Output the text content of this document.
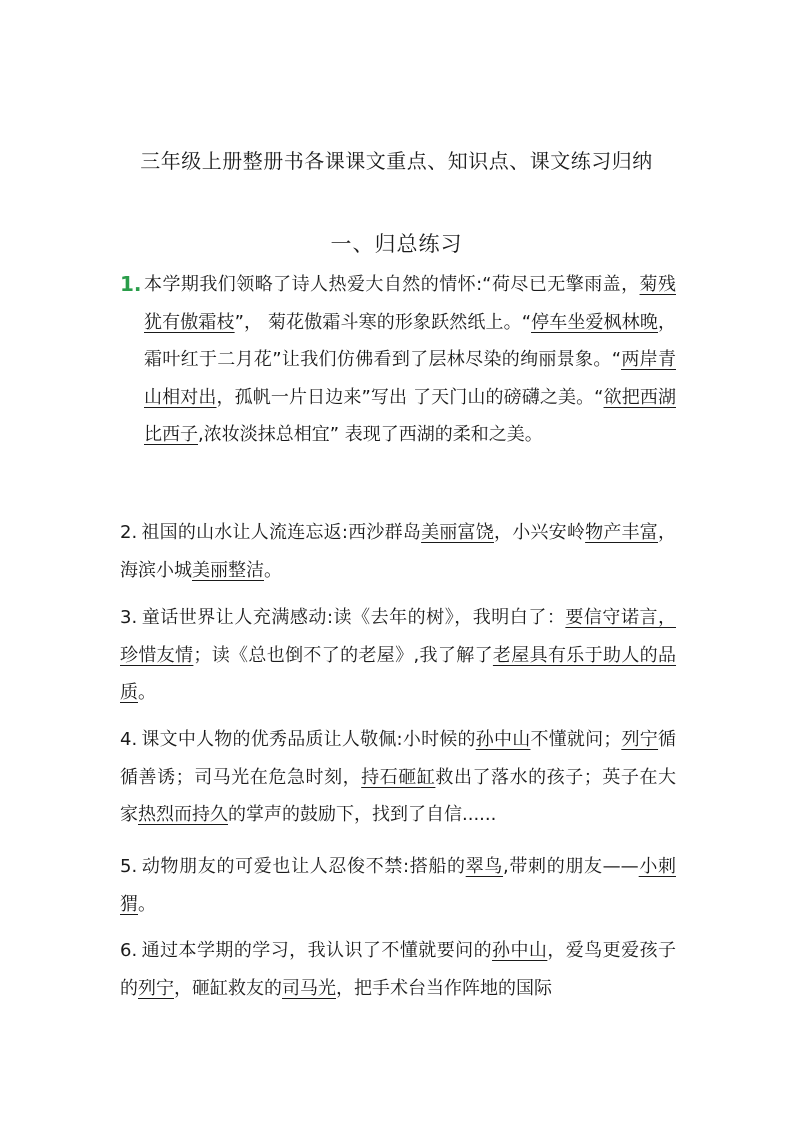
三年级上册整册书各课课文重点、知识点、课文练习归纳
一、归总练习
1. 本学期我们领略了诗人热爱大自然的情怀:“荷尽已无擎雨盖，菊残犹有傲霜枝”， 菊花傲霜斗寒的形象跃然纸上。“停车坐爱枫林晚，霜叶红于二月花”让我们仿佛看到了层林尽染的绚丽景象。“两岸青山相对出，孤帆一片日边来”写出 了天门山的磅礴之美。“欲把西湖比西子,浓妆淡抹总相宜” 表现了西湖的柔和之美。
2. 祖国的山水让人流连忘返:西沙群岛美丽富饶，小兴安岭物产丰富，海滨小城美丽整洁。
3. 童话世界让人充满感动:读《去年的树》，我明白了：要信守诺言，珍惜友情；读《总也倒不了的老屋》,我了解了老屋具有乐于助人的品质。
4. 课文中人物的优秀品质让人敬佩:小时候的孙中山不懂就问；列宁循循善诱；司马光在危急时刻，持石砸缸救出了落水的孩子；英子在大家热烈而持久的掌声的鼓励下，找到了自信......
5. 动物朋友的可爱也让人忍俊不禁:搭船的翠鸟,带刺的朋友——小刺猬。
6. 通过本学期的学习，我认识了不懂就要问的孙中山，爱鸟更爱孩子的列宁，砸缸救友的司马光，把手术台当作阵地的国际
